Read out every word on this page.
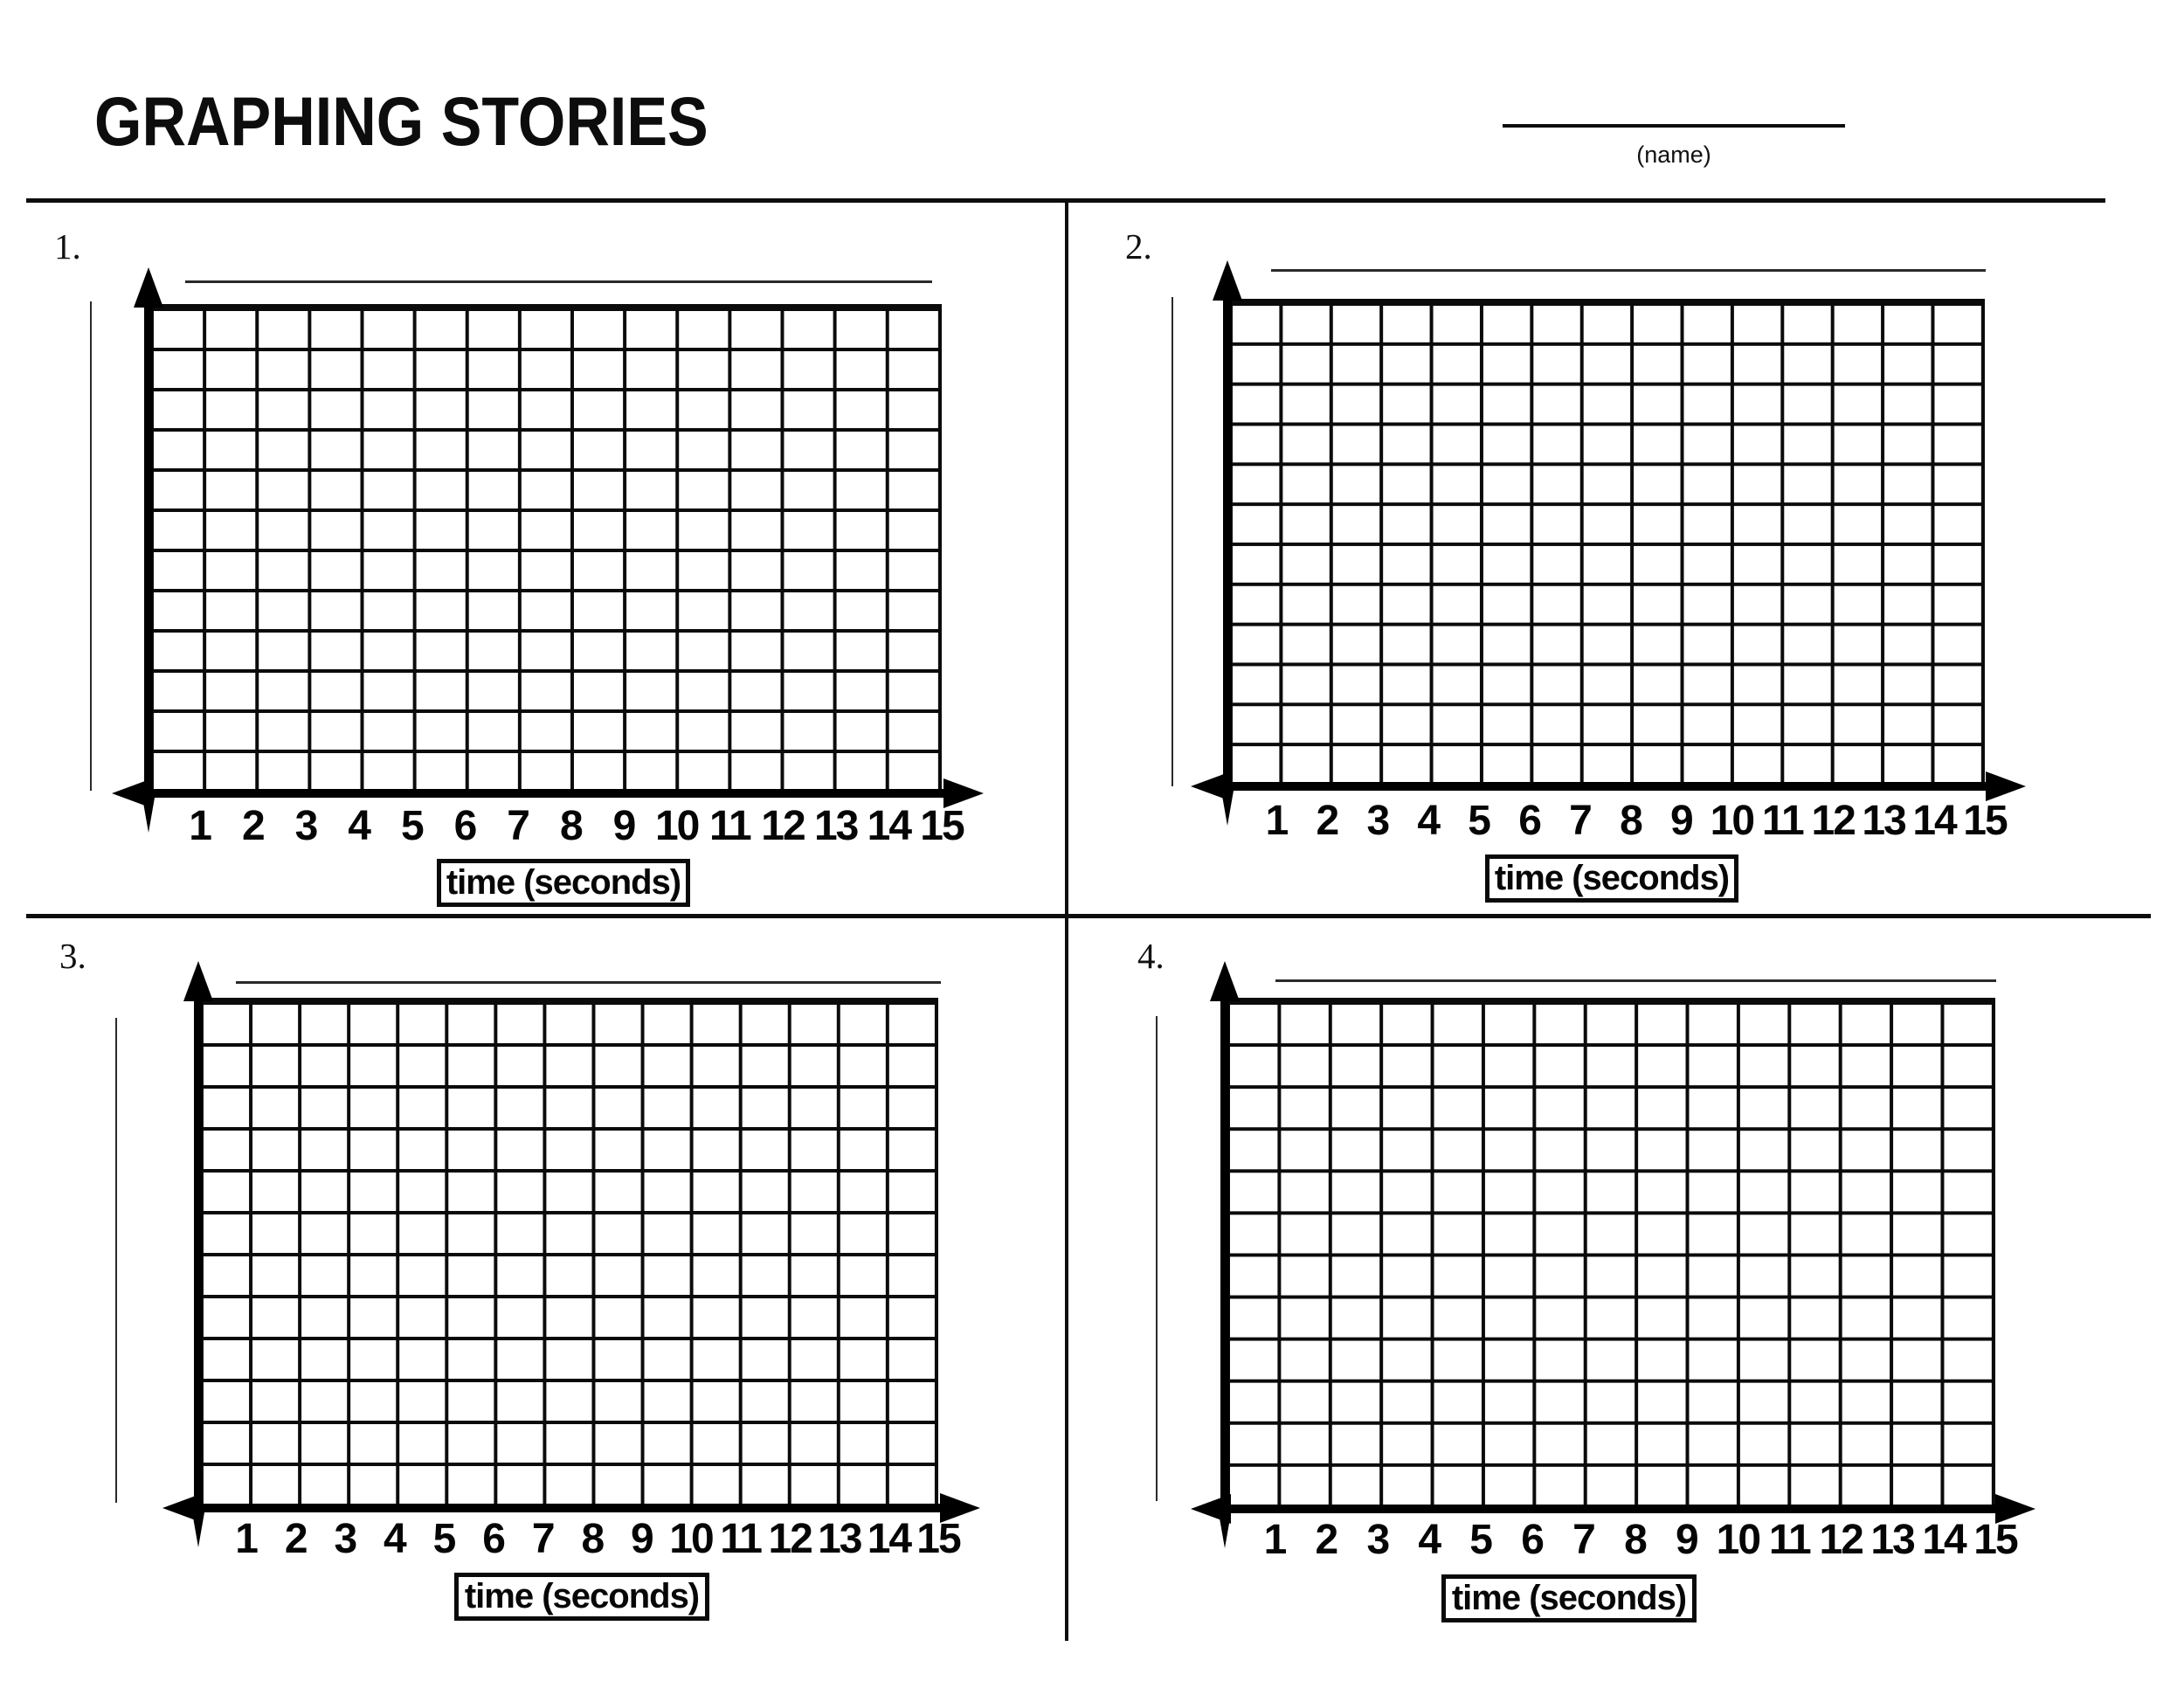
GRAPHING STORIES	(name)
1.
1 2 3 4 5 6 7 8 9 10 11 12 13 14 15
time (seconds)
2.
1 2 3 4 5 6 7 8 9 10 11 12 13 14 15
time (seconds)
3.
1 2 3 4 5 6 7 8 9 10 11 12 13 14 15
time (seconds)
4.
1 2 3 4 5 6 7 8 9 10 11 12 13 14 15
time (seconds)
